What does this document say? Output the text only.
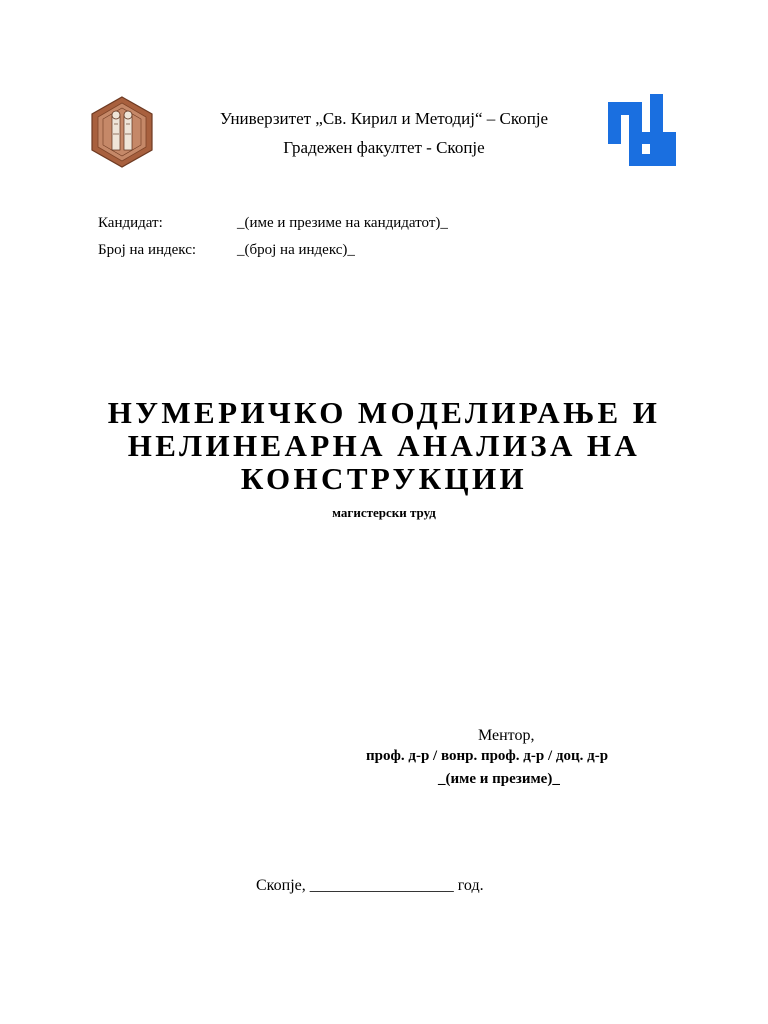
Универзитет „Св. Кирил и Методиј“ – Скопје
Градежен факултет - Скопје
Кандидат:	_(име и презиме на кандидатот)_
Број на индекс:	_(број на индекс)_
НУМЕРИЧКО МОДЕЛИРАЊЕ И
НЕЛИНЕАРНА АНАЛИЗА НА
КОНСТРУКЦИИ
магистерски труд
Ментор,
проф. д-р / вонр. проф. д-р / доц. д-р
_(име и презиме)_
Скопје, __________________ год.
